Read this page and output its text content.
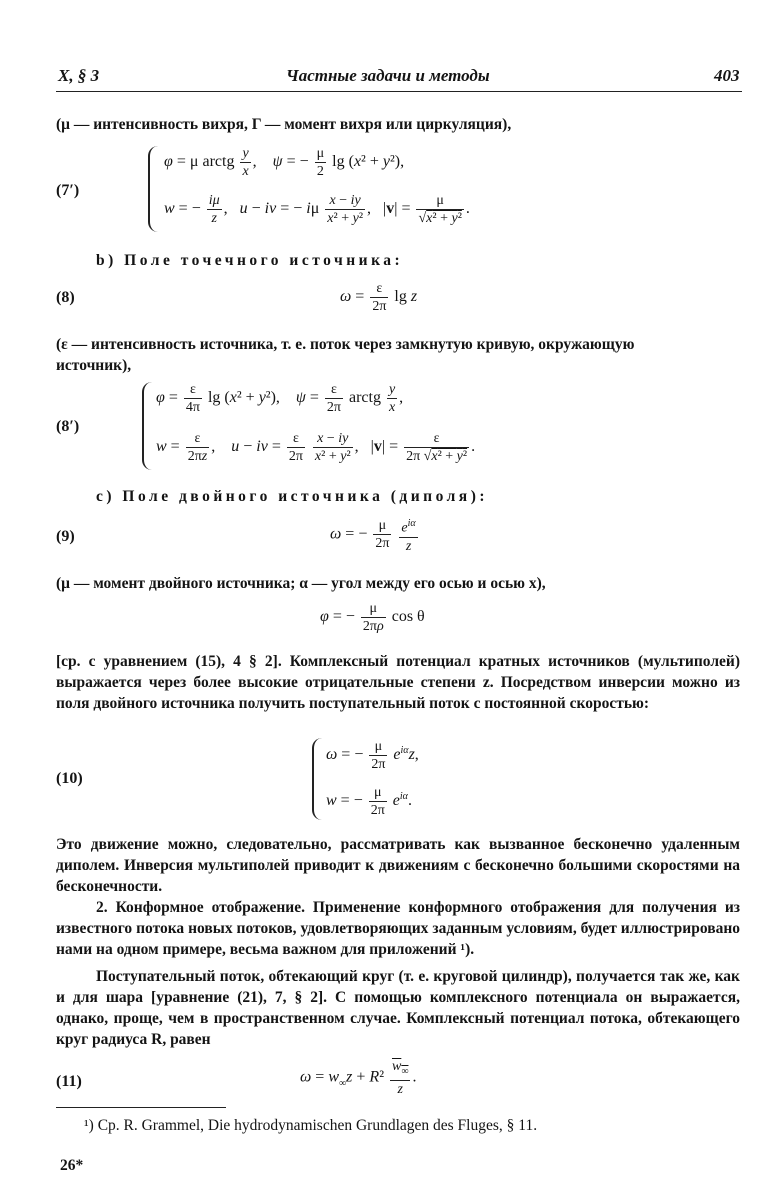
X, § 3	Частные задачи и методы	403
(μ — интенсивность вихря, Γ — момент вихря или циркуляция),
(7′)
φ = μ arctg $\frac{y}{x}$ ,    ψ = − $\frac{\mu}{2}$ lg (x² + y²),
w = − $\frac{i\mu}{z}$ ,   u − iv = − iμ $\frac{x - iy}{\text{x² + y²}}$ ,   $|v| = \frac{\mu}{\text{√x² + y²}}$ .
b) Поле точечного источника:
(8)	$\omega = \frac{\varepsilon}{2\pi}$ lg z
(ε — интенсивность источника, т. е. поток через замкнутую кривую, окружающую
источник),
(8′)
$\varphi = \frac{\varepsilon}{4\pi}$ lg (x² + y²),    $\psi = \frac{\varepsilon}{2\pi}$ arctg $\frac{y}{x}$ ,
$w = \frac{\varepsilon}{2\pi z}$ ,    u − iv = $\frac{\varepsilon}{2\pi}$
$\frac{x - iy}{\text{x² + y²}}$ ,   $|v| = \frac{\varepsilon}{\text{2π √x² + y²}}$ .
c) Поле двойного источника (диполя):
(9)	ω = − $\frac{\mu}{2\pi}$
$\frac{e^{i\alpha}}{z}$
(μ — момент двойного источника; α — угол между его осью и осью x),
φ = − $\frac{\mu}{2\pi\rho}$ cos θ
[ср. с уравнением (15), 4 § 2]. Комплексный потенциал кратных источников (мультиполей) выражается через более высокие отрицательные степени z. Посредством инверсии можно из поля двойного источника получить поступательный поток с постоянной скоростью:
(10)
ω = − $\frac{\mu}{2\pi} e^{i\alpha}z$,
w = − $\frac{\mu}{2\pi} e^{i\alpha}$.
Это движение можно, следовательно, рассматривать как вызванное бесконечно удаленным диполем. Инверсия мультиполей приводит к движениям с бесконечно большими скоростями на бесконечности.
2. Конформное отображение. Применение конформного отображения для получения из известного потока новых потоков, удовлетворяющих заданным условиям, будет иллюстрировано нами на одном примере, весьма важном для приложений ¹).
Поступательный поток, обтекающий круг (т. е. круговой цилиндр), получается так же, как и для шара [уравнение (21), 7, § 2]. С помощью комплексного потенциала он выражается, однако, проще, чем в пространственном случае. Комплексный потенциал потока, обтекающего круг радиуса R, равен
(11)	$\omega = w_\infty z + R^2 \frac{w_\infty}{z}$ .
¹) Ср. R. Grammel, Die hydrodynamischen Grundlagen des Fluges, § 11.
26*
